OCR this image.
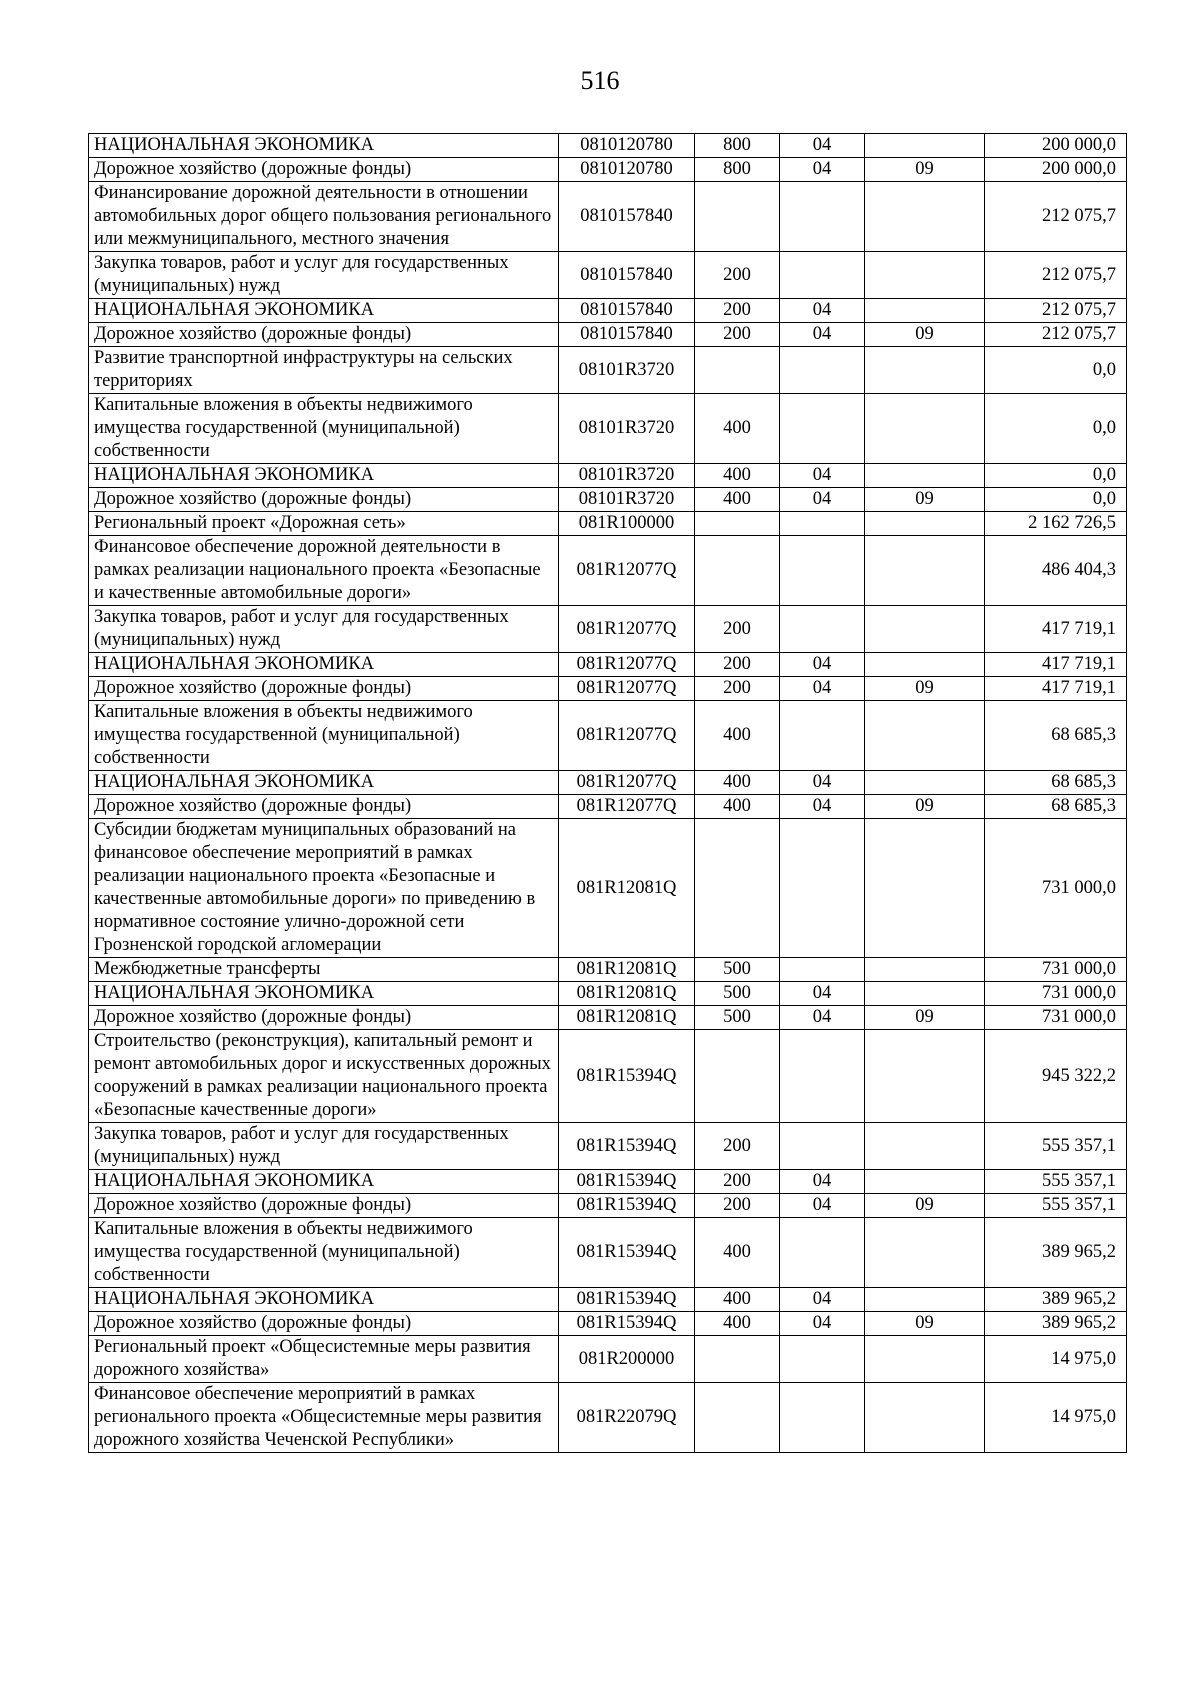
516
НАЦИОНАЛЬНАЯ ЭКОНОМИКА	0810120780	800	04		200 000,0
Дорожное хозяйство (дорожные фонды)	0810120780	800	04	09	200 000,0
Финансирование дорожной деятельности в отношении автомобильных дорог общего пользования регионального или межмуниципального, местного значения	0810157840				212 075,7
Закупка товаров, работ и услуг для государственных (муниципальных) нужд	0810157840	200			212 075,7
НАЦИОНАЛЬНАЯ ЭКОНОМИКА	0810157840	200	04		212 075,7
Дорожное хозяйство (дорожные фонды)	0810157840	200	04	09	212 075,7
Развитие транспортной инфраструктуры на сельских территориях	08101R3720				0,0
Капитальные вложения в объекты недвижимого имущества государственной (муниципальной) собственности	08101R3720	400			0,0
НАЦИОНАЛЬНАЯ ЭКОНОМИКА	08101R3720	400	04		0,0
Дорожное хозяйство (дорожные фонды)	08101R3720	400	04	09	0,0
Региональный проект «Дорожная сеть»	081R100000				2 162 726,5
Финансовое обеспечение дорожной деятельности в рамках реализации национального проекта «Безопасные и качественные автомобильные дороги»	081R12077Q				486 404,3
Закупка товаров, работ и услуг для государственных (муниципальных) нужд	081R12077Q	200			417 719,1
НАЦИОНАЛЬНАЯ ЭКОНОМИКА	081R12077Q	200	04		417 719,1
Дорожное хозяйство (дорожные фонды)	081R12077Q	200	04	09	417 719,1
Капитальные вложения в объекты недвижимого имущества государственной (муниципальной) собственности	081R12077Q	400			68 685,3
НАЦИОНАЛЬНАЯ ЭКОНОМИКА	081R12077Q	400	04		68 685,3
Дорожное хозяйство (дорожные фонды)	081R12077Q	400	04	09	68 685,3
Субсидии бюджетам муниципальных образований на финансовое обеспечение мероприятий в рамках реализации национального проекта «Безопасные и качественные автомобильные дороги» по приведению в нормативное состояние улично-дорожной сети Грозненской городской агломерации	081R12081Q				731 000,0
Межбюджетные трансферты	081R12081Q	500			731 000,0
НАЦИОНАЛЬНАЯ ЭКОНОМИКА	081R12081Q	500	04		731 000,0
Дорожное хозяйство (дорожные фонды)	081R12081Q	500	04	09	731 000,0
Строительство (реконструкция), капитальный ремонт и ремонт автомобильных дорог и искусственных дорожных сооружений в рамках реализации национального проекта «Безопасные качественные дороги»	081R15394Q				945 322,2
Закупка товаров, работ и услуг для государственных (муниципальных) нужд	081R15394Q	200			555 357,1
НАЦИОНАЛЬНАЯ ЭКОНОМИКА	081R15394Q	200	04		555 357,1
Дорожное хозяйство (дорожные фонды)	081R15394Q	200	04	09	555 357,1
Капитальные вложения в объекты недвижимого имущества государственной (муниципальной) собственности	081R15394Q	400			389 965,2
НАЦИОНАЛЬНАЯ ЭКОНОМИКА	081R15394Q	400	04		389 965,2
Дорожное хозяйство (дорожные фонды)	081R15394Q	400	04	09	389 965,2
Региональный проект «Общесистемные меры развития дорожного хозяйства»	081R200000				14 975,0
Финансовое обеспечение мероприятий в рамках регионального проекта «Общесистемные меры развития дорожного хозяйства Чеченской Республики»	081R22079Q				14 975,0
